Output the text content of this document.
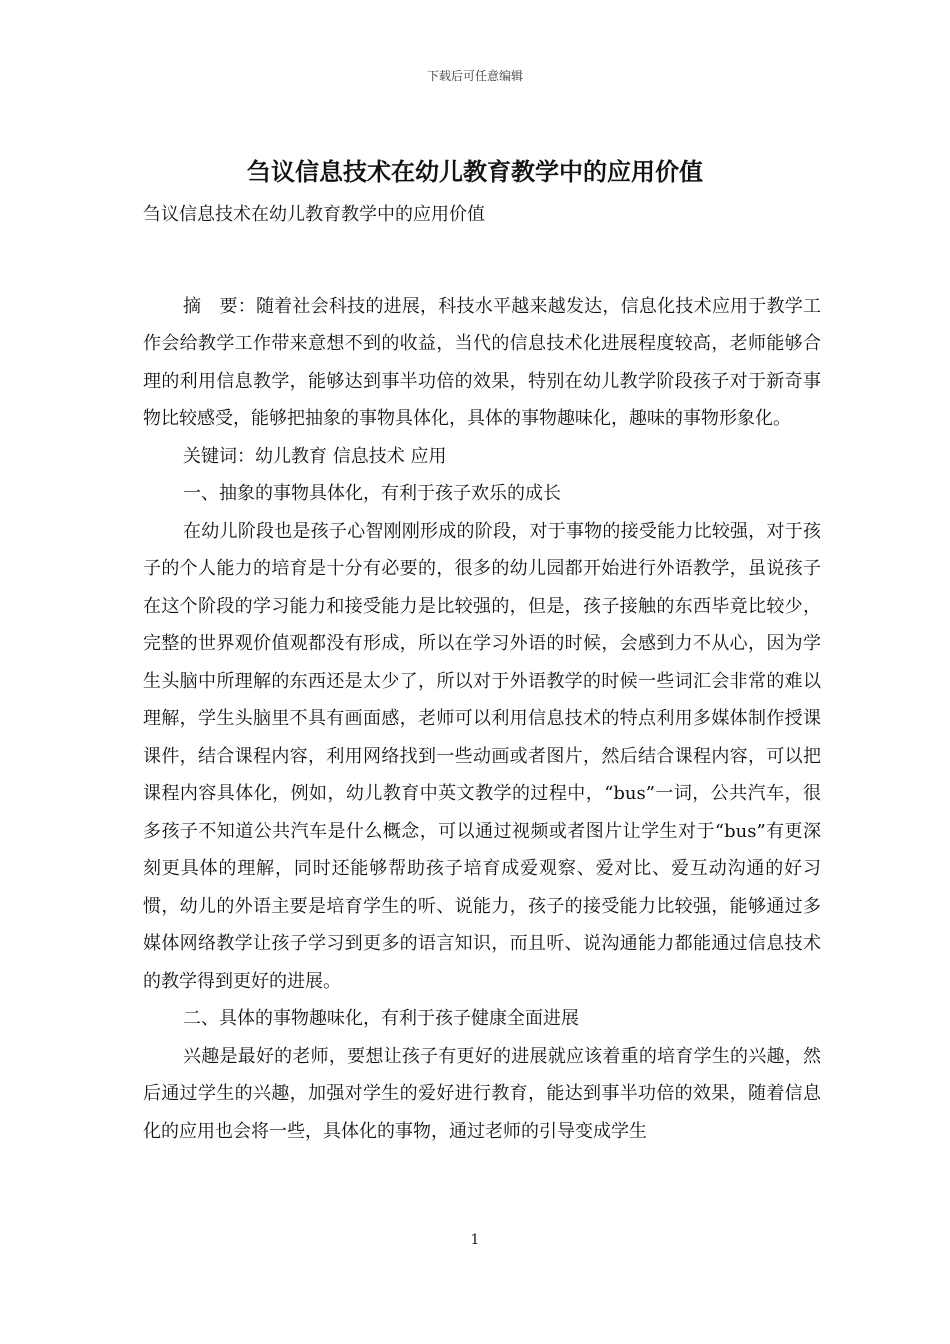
下载后可任意编辑
刍议信息技术在幼儿教育教学中的应用价值

刍议信息技术在幼儿教育教学中的应用价值

摘　要：随着社会科技的进展，科技水平越来越发达，信息化技术应用于教学工作会给教学工作带来意想不到的收益，当代的信息技术化进展程度较高，老师能够合理的利用信息教学，能够达到事半功倍的效果，特别在幼儿教学阶段孩子对于新奇事物比较感受，能够把抽象的事物具体化，具体的事物趣味化，趣味的事物形象化。

关键词：幼儿教育 信息技术 应用

一、抽象的事物具体化，有利于孩子欢乐的成长

在幼儿阶段也是孩子心智刚刚形成的阶段，对于事物的接受能力比较强，对于孩子的个人能力的培育是十分有必要的，很多的幼儿园都开始进行外语教学，虽说孩子在这个阶段的学习能力和接受能力是比较强的，但是，孩子接触的东西毕竟比较少，完整的世界观价值观都没有形成，所以在学习外语的时候，会感到力不从心，因为学生头脑中所理解的东西还是太少了，所以对于外语教学的时候一些词汇会非常的难以理解，学生头脑里不具有画面感，老师可以利用信息技术的特点利用多媒体制作授课课件，结合课程内容，利用网络找到一些动画或者图片，然后结合课程内容，可以把课程内容具体化，例如，幼儿教育中英文教学的过程中，“bus”一词，公共汽车，很多孩子不知道公共汽车是什么概念，可以通过视频或者图片让学生对于“bus”有更深刻更具体的理解，同时还能够帮助孩子培育成爱观察、爱对比、爱互动沟通的好习惯，幼儿的外语主要是培育学生的听、说能力，孩子的接受能力比较强，能够通过多媒体网络教学让孩子学习到更多的语言知识，而且听、说沟通能力都能通过信息技术的教学得到更好的进展。

二、具体的事物趣味化，有利于孩子健康全面进展

兴趣是最好的老师，要想让孩子有更好的进展就应该着重的培育学生的兴趣，然后通过学生的兴趣，加强对学生的爱好进行教育，能达到事半功倍的效果，随着信息化的应用也会将一些，具体化的事物，通过老师的引导变成学生

1
